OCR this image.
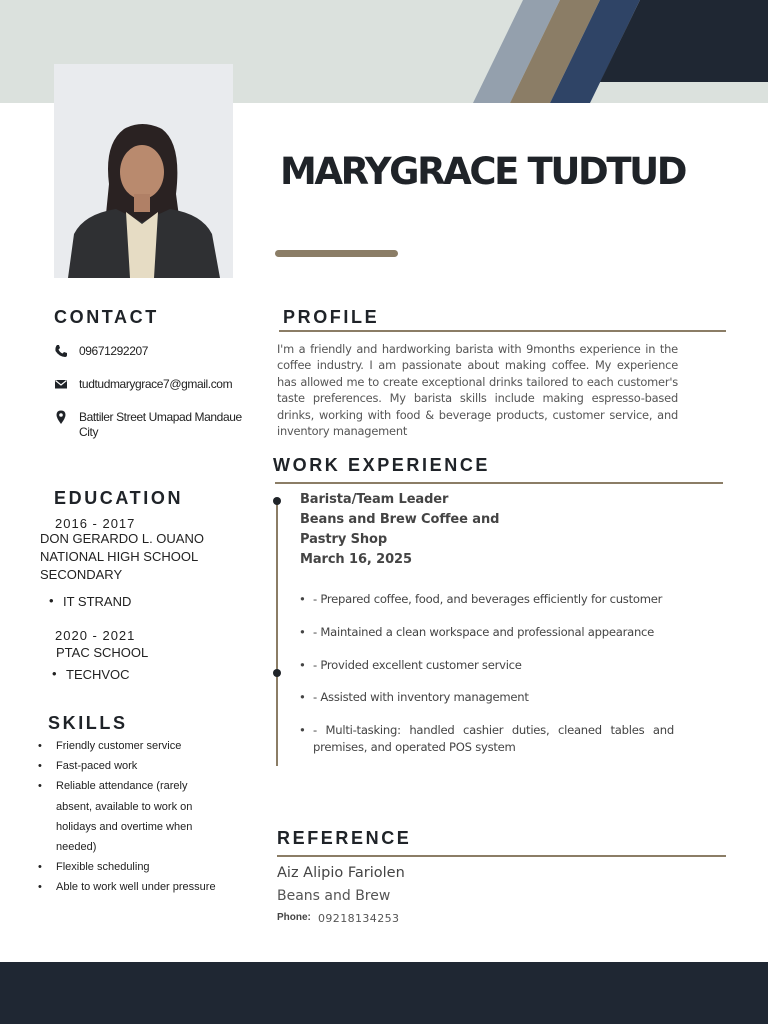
MARYGRACE TUDTUD
CONTACT
09671292207
tudtudmarygrace7@gmail.com
Battiler Street Umapad Mandaue City
EDUCATION
2016 - 2017
DON GERARDO L. OUANO
NATIONAL HIGH SCHOOL
SECONDARY
• IT STRAND
2020 - 2021
PTAC SCHOOL
• TECHVOC
SKILLS
• Friendly customer service
• Fast-paced work
• Reliable attendance (rarely absent, available to work on holidays and overtime when needed)
• Flexible scheduling
• Able to work well under pressure
PROFILE
I'm a friendly and hardworking barista with 9months experience in the coffee industry. I am passionate about making coffee. My experience has allowed me to create exceptional drinks tailored to each customer's taste preferences. My barista skills include making espresso-based drinks, working with food & beverage products, customer service, and inventory management
WORK EXPERIENCE
Barista/Team Leader
Beans and Brew Coffee and
Pastry Shop
March 16, 2025
• - Prepared coffee, food, and beverages efficiently for customer
• - Maintained a clean workspace and professional appearance
• - Provided excellent customer service
• - Assisted with inventory management
• - Multi-tasking: handled cashier duties, cleaned tables and premises, and operated POS system
REFERENCE
Aiz Alipio Fariolen
Beans and Brew
Phone: 09218134253
